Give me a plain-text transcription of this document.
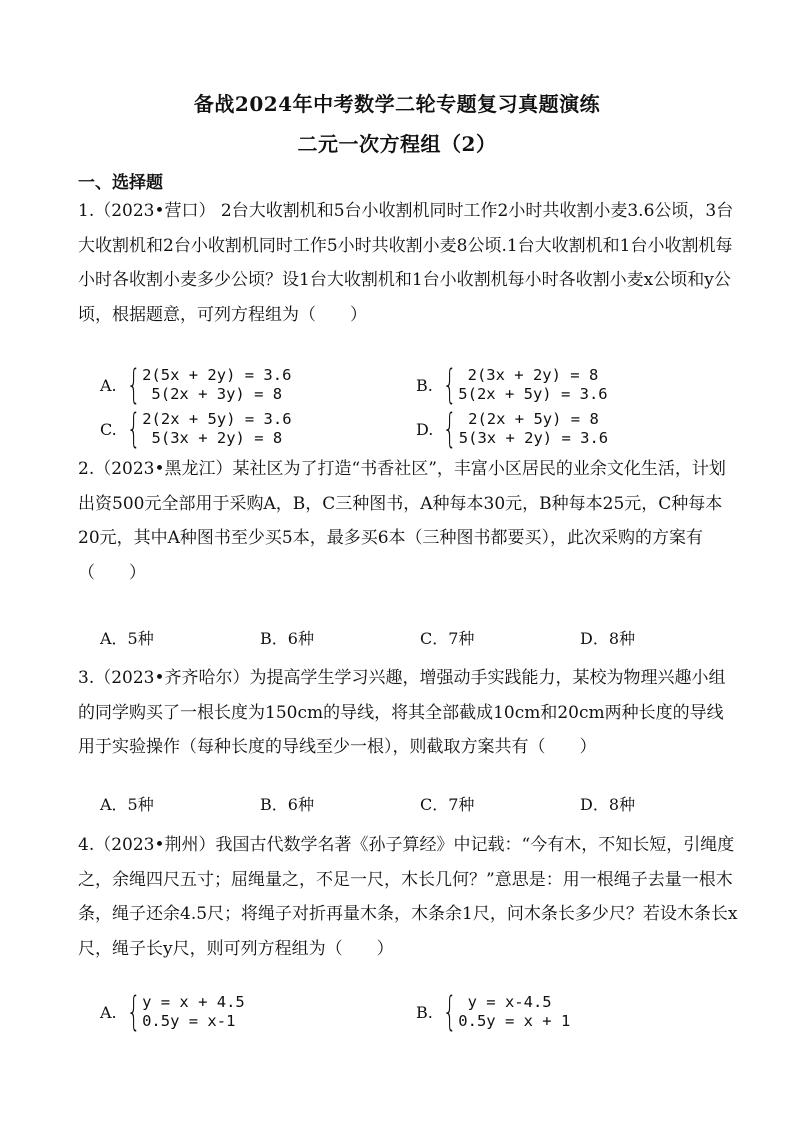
备战2024年中考数学二轮专题复习真题演练
二元一次方程组（2）
一、选择题
1.（2023•营口） 2台大收割机和5台小收割机同时工作2小时共收割小麦3.6公顷，3台大收割机和2台小收割机同时工作5小时共收割小麦8公顷.1台大收割机和1台小收割机每小时各收割小麦多少公顷？设1台大收割机和1台小收割机每小时各收割小麦x公顷和y公顷，根据题意，可列方程组为（　　）
A. { 2(5x + 2y) = 3.6
5(2x + 3y) = 8	B. { 2(3x + 2y) = 8
5(2x + 5y) = 3.6
C. { 2(2x + 5y) = 3.6
5(3x + 2y) = 8	D. { 2(2x + 5y) = 8
5(3x + 2y) = 3.6
2.（2023•黑龙江）某社区为了打造“书香社区”，丰富小区居民的业余文化生活，计划出资500元全部用于采购A，B，C三种图书，A种每本30元，B种每本25元，C种每本20元，其中A种图书至少买5本，最多买6本（三种图书都要买），此次采购的方案有（　　）
A．5种	B．6种	C．7种	D．8种
3.（2023•齐齐哈尔）为提高学生学习兴趣，增强动手实践能力，某校为物理兴趣小组的同学购买了一根长度为150cm的导线，将其全部截成10cm和20cm两种长度的导线用于实验操作（每种长度的导线至少一根），则截取方案共有（　　）
A．5种	B．6种	C．7种	D．8种
4.（2023•荆州）我国古代数学名著《孙子算经》中记载：“今有木，不知长短，引绳度之，余绳四尺五寸；屈绳量之，不足一尺，木长几何？”意思是：用一根绳子去量一根木条，绳子还余4.5尺；将绳子对折再量木条，木条余1尺，问木条长多少尺？若设木条长x尺，绳子长y尺，则可列方程组为（　　）
A. { y = x + 4.5
0.5y = x-1	B. { y = x-4.5
0.5y = x + 1
